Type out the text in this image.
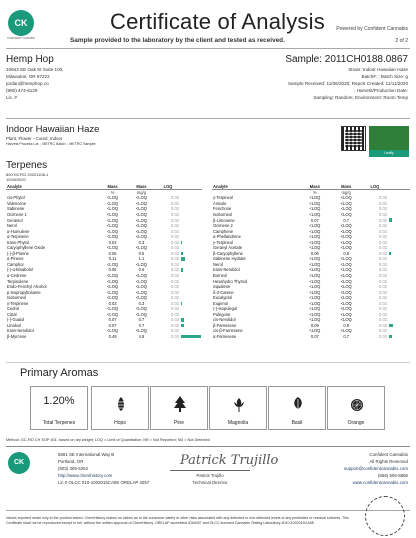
CK
CONFIDENT CANNABIS
Certificate of Analysis Powered by Confident Cannabis
Sample provided to the laboratory by the client and tested as received.	2 of 2
Hemp Hop
10843 SE Oak St Suite 100,
Milwaukie, OR 97222
jordan@hemphop.co
(980) 474-6129
Lic. #
Sample: 2011CH0188.0867
Strain: Indoor Hawaiian Haze
Batch#: ; Batch Size: g
Sample Received: 11/06/2020; Report Created: 11/11/2020
; Harvest/Production Date:
Sampling: Random; Environment: Room Temp
Indoor Hawaiian Haze
Plant, Flower - Cured, Indoor
Harvest Process Lot: ; METRC Batch: ; METRC Sample:
Leafly
Terpenes
800 GCFID 20201108-1
11/08/2020
Analyte	Mass	Mass	LOQ	
	%	mg/g		
cis-Phytol	<LOQ	<LOQ	0.02	
Valencene	<LOQ	<LOQ	0.02	
Sabinene	<LOQ	<LOQ	0.02	
Ocimene 1	<LOQ	<LOQ	0.02	
Geraniol	<LOQ	<LOQ	0.02	
Nerol	<LOQ	<LOQ	0.02	
α-Humulene	<LOQ	<LOQ	0.02	
α-Terpinene	<LOQ	<LOQ	0.02	
trans-Phytol	0.03	0.3	0.02	

Caryophyllene Oxide	<LOQ	<LOQ	0.02	
(-)-β-Pinene	0.05	0.5	0.02	

α-Pinene	0.11	1.1	0.02	

Camphor	<LOQ	<LOQ	0.02	
(-)-α-Bisabolol	0.06	0.6	0.02	

α-Cedrene	<LOQ	<LOQ	0.02	
Terpinolene	<LOQ	<LOQ	0.02	
Endo-Fenchyl Alcohol	<LOQ	<LOQ	0.02	
p-Isopropyltoluene	<LOQ	<LOQ	0.02	
Isoborneol	<LOQ	<LOQ	0.02	
γ-Terpinene	0.03	0.3	0.02	

Cedrol	<LOQ	<LOQ	0.02	
Citral	<LOQ	<LOQ	0.02	
(-)-Guaiol	0.07	0.7	0.02	

Linalool	0.07	0.7	0.02	

trans-Nerolidol	<LOQ	<LOQ	0.02	
β-Myrcene	0.49	4.9	0.02	
Analyte	Mass	Mass	LOQ	
	%	mg/g		
γ-Terpineol	<LOQ	<LOQ	0.02	
Anisole	<LOQ	<LOQ	0.02	
Fenchone	<LOQ	<LOQ	0.02	
Isoborneol	<LOQ	<LOQ	0.02	
β-Limonene	0.07	0.7	0.02	

Ocimene 2	<LOQ	<LOQ	0.02	
Camphene	<LOQ	<LOQ	0.02	
α-Phellandrene	<LOQ	<LOQ	0.02	
γ-Terpineol	<LOQ	<LOQ	0.02	
Geranyl Acetate	<LOQ	<LOQ	0.02	
β-Caryophyllene	0.06	0.6	0.02	

Sabinene Hydrate	<LOQ	<LOQ	0.02	
Nerol	<LOQ	<LOQ	0.02	
trans-Nerolidol	<LOQ	<LOQ	0.02	
Borneol	<LOQ	<LOQ	0.02	
Hexahydro Thymol	<LOQ	<LOQ	0.02	
Squalene	<LOQ	<LOQ	0.02	
δ-3-Carene	<LOQ	<LOQ	0.02	
Eucalyptol	<LOQ	<LOQ	0.02	
Eugenol	<LOQ	<LOQ	0.02	
(-)-Isopulegol	<LOQ	<LOQ	0.02	
Pulegone	<LOQ	<LOQ	0.02	
cis-Nerolidol	<LOQ	<LOQ	0.02	
β-Farnesene	0.09	0.9	0.02	

cis-β-Farnesene	<LOQ	<LOQ	0.02	
α-Farnesene	0.07	0.7	0.02	
Primary Aromas
1.20%
Total Terpenes	Hops	Pine	Magnolia	Basil	Orange
Method: GC-FID CH SOP 401, based on dry weight; LOQ = Limit of Quantitation; NR = Not Reported; ND = Not Detected
CK
5691 SE International Way B
Portland, OR
(503) 305-5252
http://www.chemhistory.com
Lic.# OLCC 010-1002015CA5E ORELAP 4057
Patrick Trujillo
Patrick Trujillo
Technical Director
Confident Cannabis
All Rights Reserved
support@confidentcannabis.com
(866) 506-5866
www.confidentcannabis.com
Values reported relate only to the product tested. ChemHistory makes no claims as to the consumer safety or other risks associated with any detected or non-detected levels of any pesticides or residual solvents. This Certificate shall not be reproduced except in full, without the written approval of ChemHistory. ORELAP accredited ID#4057 and OLCC licensed Cannabis Testing Laboratory #010-1002015CA5E.
